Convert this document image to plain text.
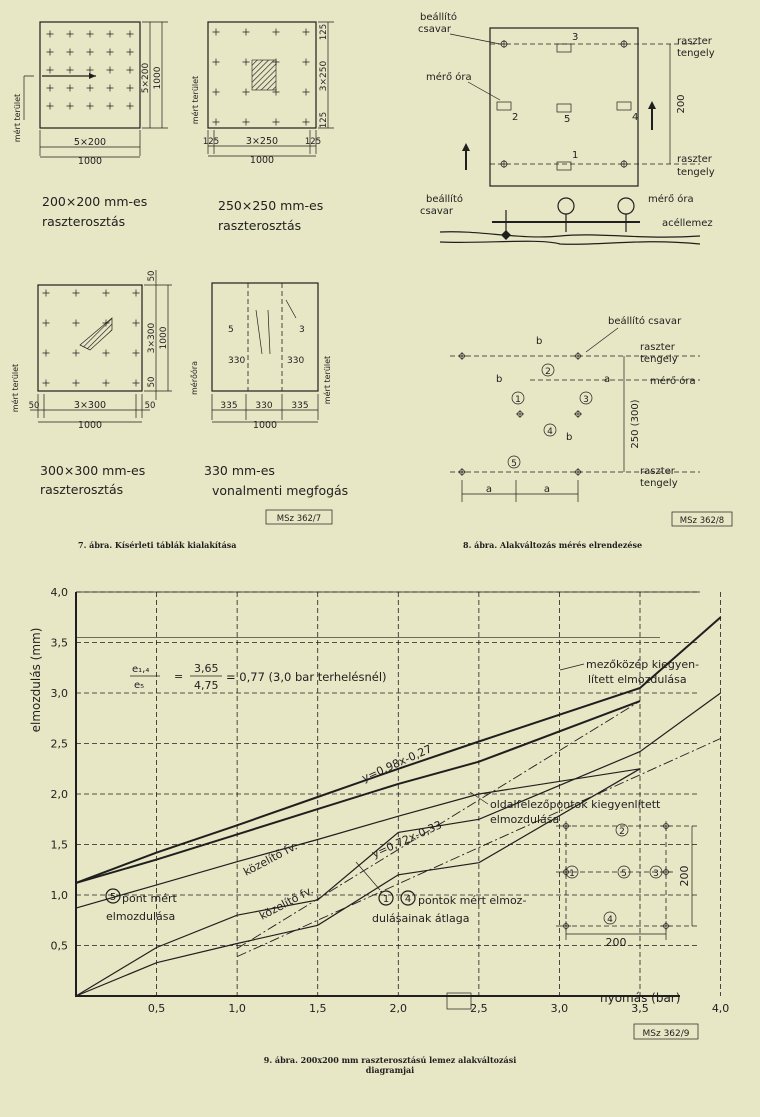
5×200
1000
5×200 1000
mért terület
200×200 mm-es
raszterosztás
125	3×250	125
1000
125
3×250
125
mért terület
250×250 mm-es
raszterosztás
50	3×300	50
1000
50
3×300 1000
50
mért terület
300×300 mm-es
raszterosztás
5
330
3
330
335 330 335
1000
mérőóra	mért terület
330 mm-es
vonalmenti megfogás
MSz 362/7
7. ábra. Kísérleti táblák kialakítása
3
2	5	4
1
beállító
csavar
mérő óra
raszter
tengely
200
raszter
tengely
beállító
csavar
mérő óra
acéllemez
2
1	3
4
5
beállító csavar
raszter
tengely
mérő óra
250 (300)
raszter
tengely
a	a
a
b
b
b
MSz 362/8
8. ábra. Alakváltozás mérés elrendezése
0,5	1,0	1,5	2,0	2,5	3,0	3,5	4,0
0,5
1,0
1,5
2,0
2,5
3,0
3,5
4,0
elmozdulás (mm)
nyomás (bar)
e₁,₄
e₅
=
3,65
4,75
= 0,77 (3,0 bar terhelésnél)
mezőközép kiegyen-
lített elmozdulása
oldalfelezőpontok kiegyenlített
elmozdulása
y=0,98x-0,27
y=0,72x-0,33
közelítő fv.
közelítő fv.
5 pont mért
elmozdulása
1 4 pontok mért elmoz-
dulásainak átlaga
2
1	5	3
4
200
200
MSz 362/9
9. ábra. 200x200 mm raszterosztású lemez alakváltozási
diagramjai
